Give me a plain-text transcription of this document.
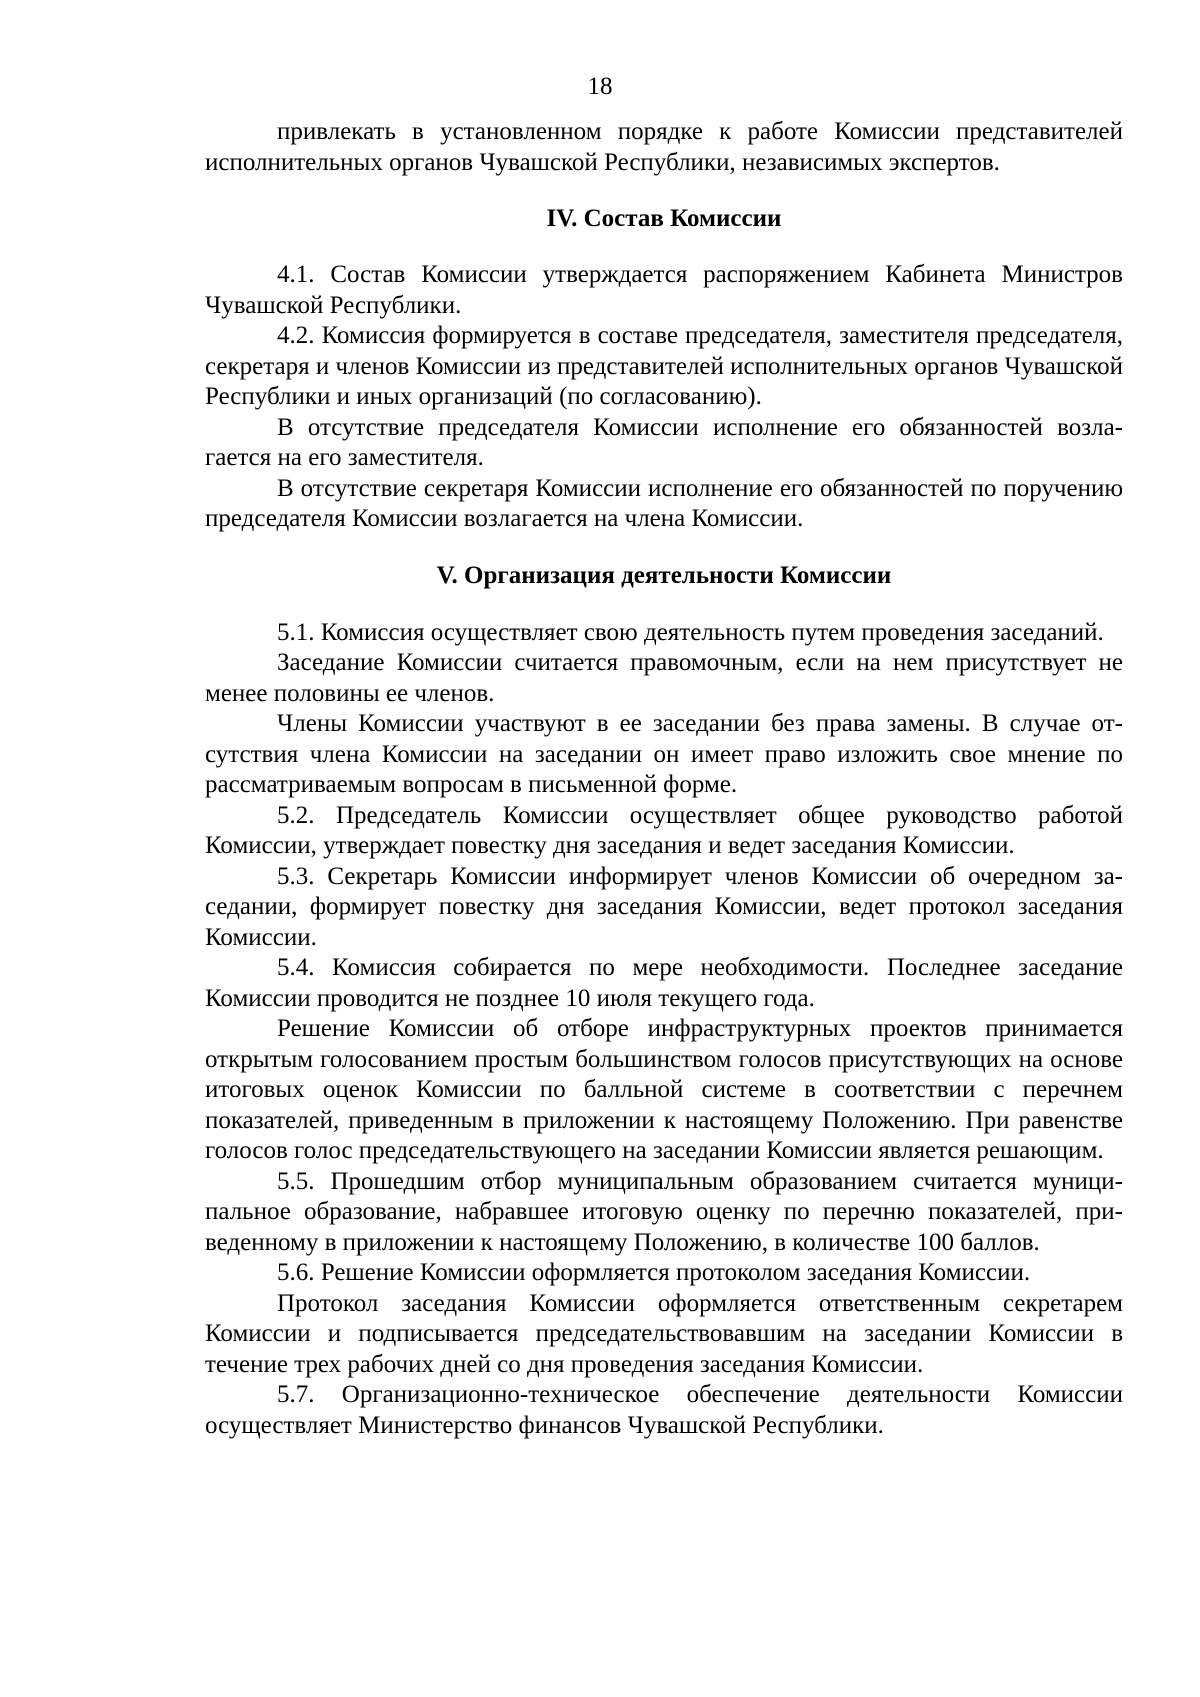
18

привлекать в установленном порядке к работе Комиссии представителей исполнительных органов Чувашской Республики, независимых экспертов.

IV. Состав Комиссии

4.1. Состав Комиссии утверждается распоряжением Кабинета Министров Чувашской Республики.

4.2. Комиссия формируется в составе председателя, заместителя председателя, секретаря и членов Комиссии из представителей исполнительных органов Чувашской Республики и иных организаций (по согласованию).

В отсутствие председателя Комиссии исполнение его обязанностей возлагается на его заместителя.

В отсутствие секретаря Комиссии исполнение его обязанностей по поручению председателя Комиссии возлагается на члена Комиссии.

V. Организация деятельности Комиссии

5.1. Комиссия осуществляет свою деятельность путем проведения заседаний.

Заседание Комиссии считается правомочным, если на нем присутствует не менее половины ее членов.

Члены Комиссии участвуют в ее заседании без права замены. В случае отсутствия члена Комиссии на заседании он имеет право изложить свое мнение по рассматриваемым вопросам в письменной форме.

5.2. Председатель Комиссии осуществляет общее руководство работой Комиссии, утверждает повестку дня заседания и ведет заседания Комиссии.

5.3. Секретарь Комиссии информирует членов Комиссии об очередном заседании, формирует повестку дня заседания Комиссии, ведет протокол заседания Комиссии.

5.4. Комиссия собирается по мере необходимости. Последнее заседание Комиссии проводится не позднее 10 июля текущего года.

Решение Комиссии об отборе инфраструктурных проектов принимается открытым голосованием простым большинством голосов присутствующих на основе итоговых оценок Комиссии по балльной системе в соответствии с перечнем показателей, приведенным в приложении к настоящему Положению. При равенстве голосов голос председательствующего на заседании Комиссии является решающим.

5.5. Прошедшим отбор муниципальным образованием считается муниципальное образование, набравшее итоговую оценку по перечню показателей, приведенному в приложении к настоящему Положению, в количестве 100 баллов.

5.6. Решение Комиссии оформляется протоколом заседания Комиссии.

Протокол заседания Комиссии оформляется ответственным секретарем Комиссии и подписывается председательствовавшим на заседании Комиссии в течение трех рабочих дней со дня проведения заседания Комиссии.

5.7. Организационно-техническое обеспечение деятельности Комиссии осуществляет Министерство финансов Чувашской Республики.
